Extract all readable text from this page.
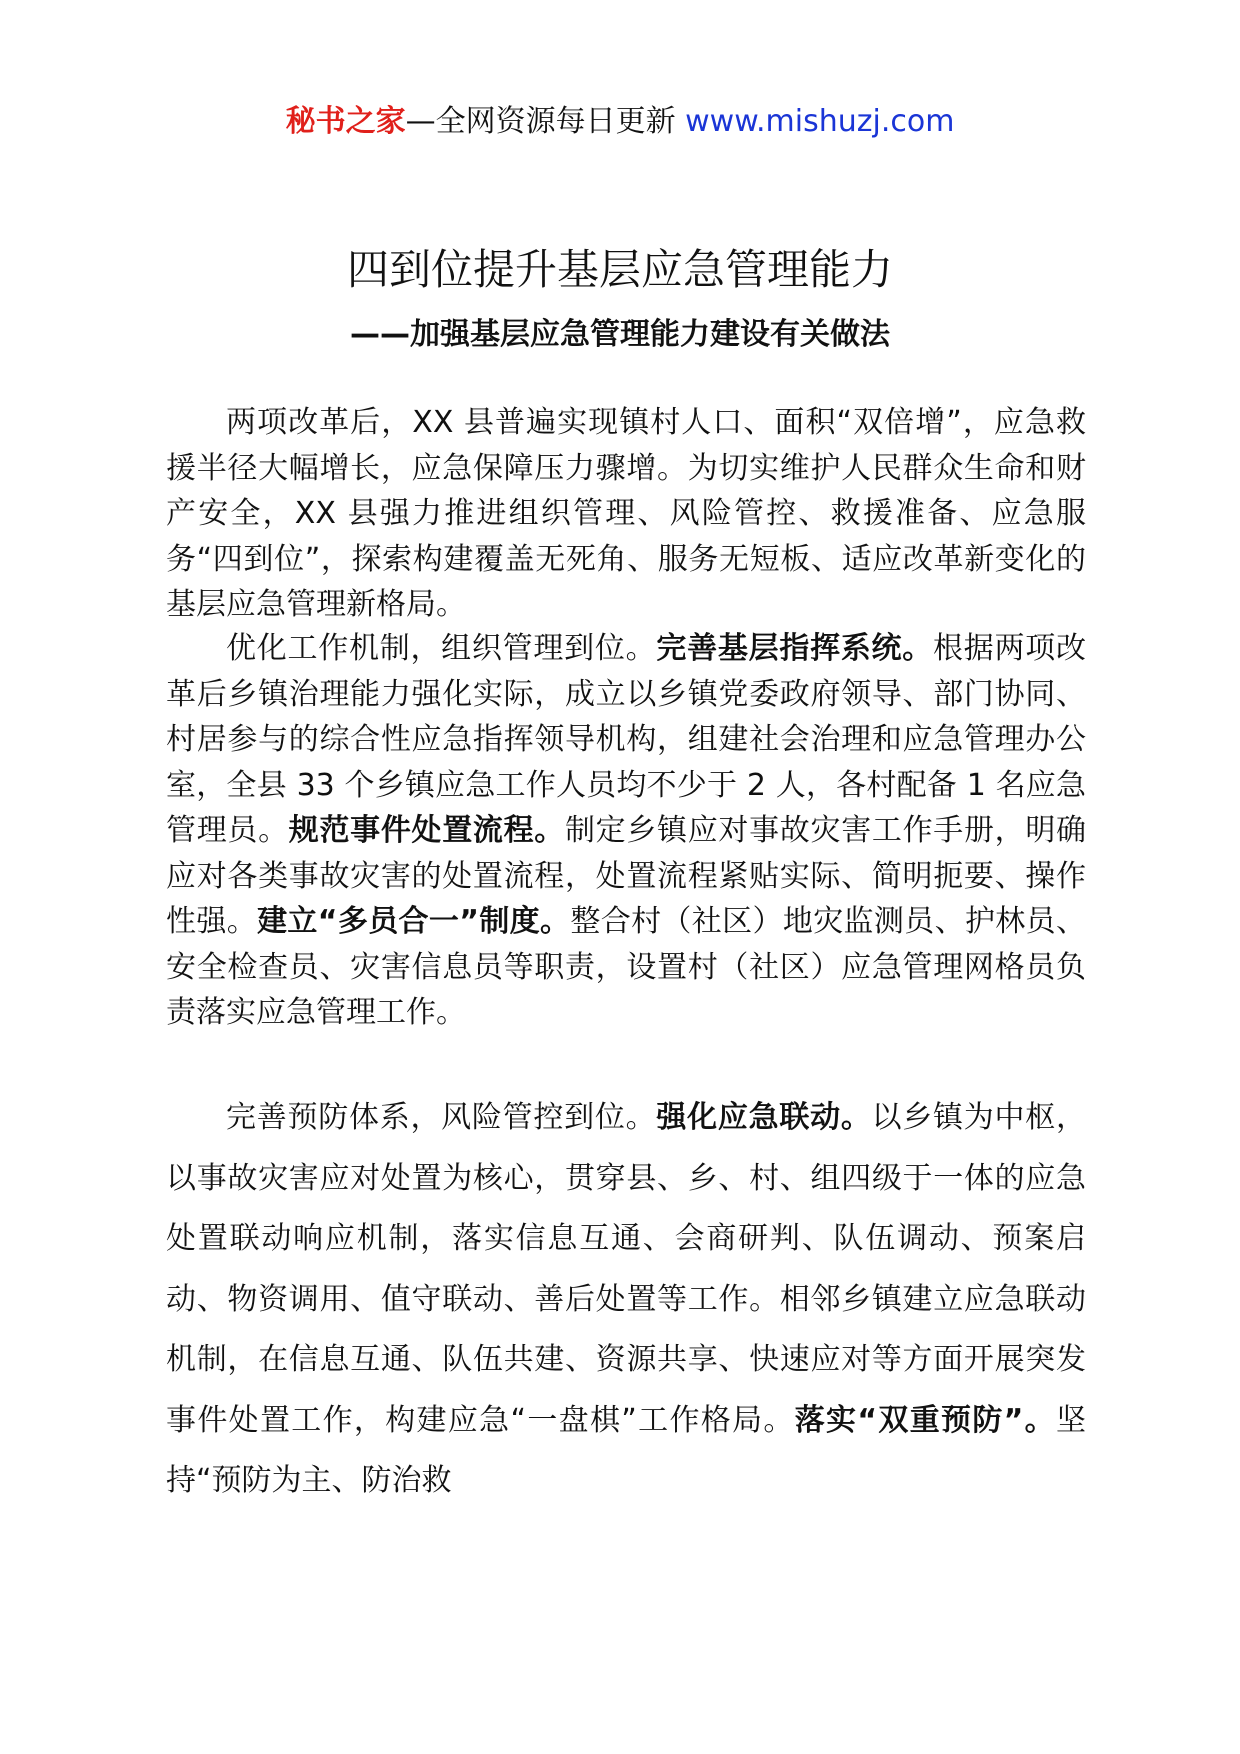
秘书之家—全网资源每日更新 www.mishuzj.com
四到位提升基层应急管理能力
——加强基层应急管理能力建设有关做法

两项改革后，XX 县普遍实现镇村人口、面积“双倍增”，应急救援半径大幅增长，应急保障压力骤增。为切实维护人民群众生命和财产安全，XX 县强力推进组织管理、风险管控、救援准备、应急服务“四到位”，探索构建覆盖无死角、服务无短板、适应改革新变化的基层应急管理新格局。

优化工作机制，组织管理到位。完善基层指挥系统。根据两项改革后乡镇治理能力强化实际，成立以乡镇党委政府领导、部门协同、村居参与的综合性应急指挥领导机构，组建社会治理和应急管理办公室，全县 33 个乡镇应急工作人员均不少于 2 人，各村配备 1 名应急管理员。规范事件处置流程。制定乡镇应对事故灾害工作手册，明确应对各类事故灾害的处置流程，处置流程紧贴实际、简明扼要、操作性强。建立“多员合一”制度。整合村（社区）地灾监测员、护林员、安全检查员、灾害信息员等职责，设置村（社区）应急管理网格员负责落实应急管理工作。

完善预防体系，风险管控到位。强化应急联动。以乡镇为中枢，以事故灾害应对处置为核心，贯穿县、乡、村、组四级于一体的应急处置联动响应机制，落实信息互通、会商研判、队伍调动、预案启动、物资调用、值守联动、善后处置等工作。相邻乡镇建立应急联动机制，在信息互通、队伍共建、资源共享、快速应对等方面开展突发事件处置工作，构建应急“一盘棋”工作格局。落实“双重预防”。坚持“预防为主、防治救
